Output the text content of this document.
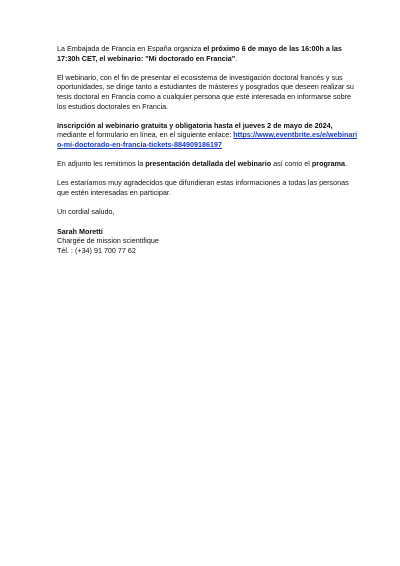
La Embajada de Francia en España organiza el próximo 6 de mayo de las 16:00h a las 17:30h CET, el webinario: "Mi doctorado en Francia".

El webinario, con el fin de presentar el ecosistema de investigación doctoral francés y sus oportunidades, se dirige tanto a estudiantes de másteres y posgrados que deseen realizar su tesis doctoral en Francia como a cualquier persona que esté interesada en informarse sobre los estudios doctorales en Francia.

Inscripción al webinario gratuita y obligatoria hasta el jueves 2 de mayo de 2024, mediante el formulario en línea, en el siguiente enlace: https://www.eventbrite.es/e/webinario-mi-doctorado-en-francia-tickets-884909186197

En adjunto les remitimos la presentación detallada del webinario así como el programa.

Les estaríamos muy agradecidos que difundieran estas informaciones a todas las personas que estén interesadas en participar.

Un cordial saludo,

Sarah Moretti
Chargée de mission scientifique
Tél. : (+34) 91 700 77 62
